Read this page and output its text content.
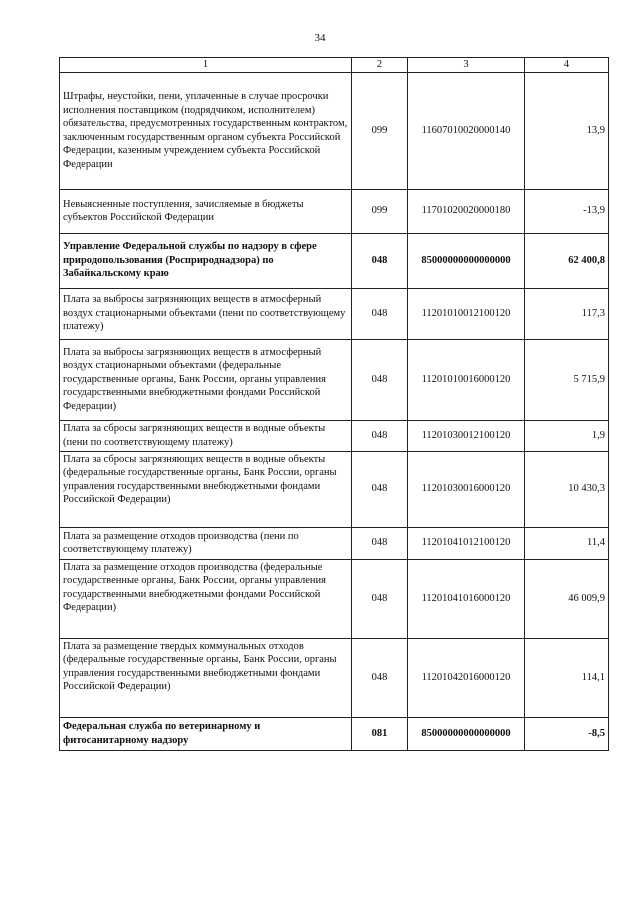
34
1	2	3	4
Штрафы, неустойки, пени, уплаченные в случае просрочки исполнения поставщиком (подрядчиком, исполнителем) обязательства, предусмотренных государственным контрактом, заключенным государственным органом субъекта Российской Федерации, казенным учреждением субъекта Российской Федерации	099	11607010020000140	13,9
Невыясненные поступления, зачисляемые в бюджеты субъектов Российской Федерации	099	11701020020000180	-13,9
Управление Федеральной службы по надзору в сфере природопользования (Росприроднадзора) по Забайкальскому краю	048	85000000000000000	62 400,8
Плата за выбросы загрязняющих веществ в атмосферный воздух стационарными объектами (пени по соответствующему платежу)	048	11201010012100120	117,3
Плата за выбросы загрязняющих веществ в атмосферный воздух стационарными объектами (федеральные государственные органы, Банк России, органы управления государственными внебюджетными фондами Российской Федерации)	048	11201010016000120	5 715,9
Плата за сбросы загрязняющих веществ в водные объекты (пени по соответствующему платежу)	048	11201030012100120	1,9
Плата за сбросы загрязняющих веществ в водные объекты (федеральные государственные органы, Банк России, органы управления государственными внебюджетными фондами Российской Федерации)	048	11201030016000120	10 430,3
Плата за размещение отходов производства (пени по соответствующему платежу)	048	11201041012100120	11,4
Плата за размещение отходов производства (федеральные государственные органы, Банк России, органы управления государственными внебюджетными фондами Российской Федерации)	048	11201041016000120	46 009,9
Плата за размещение твердых коммунальных отходов (федеральные государственные органы, Банк России, органы управления государственными внебюджетными фондами Российской Федерации)	048	11201042016000120	114,1
Федеральная служба по ветеринарному и фитосанитарному надзору	081	85000000000000000	-8,5
